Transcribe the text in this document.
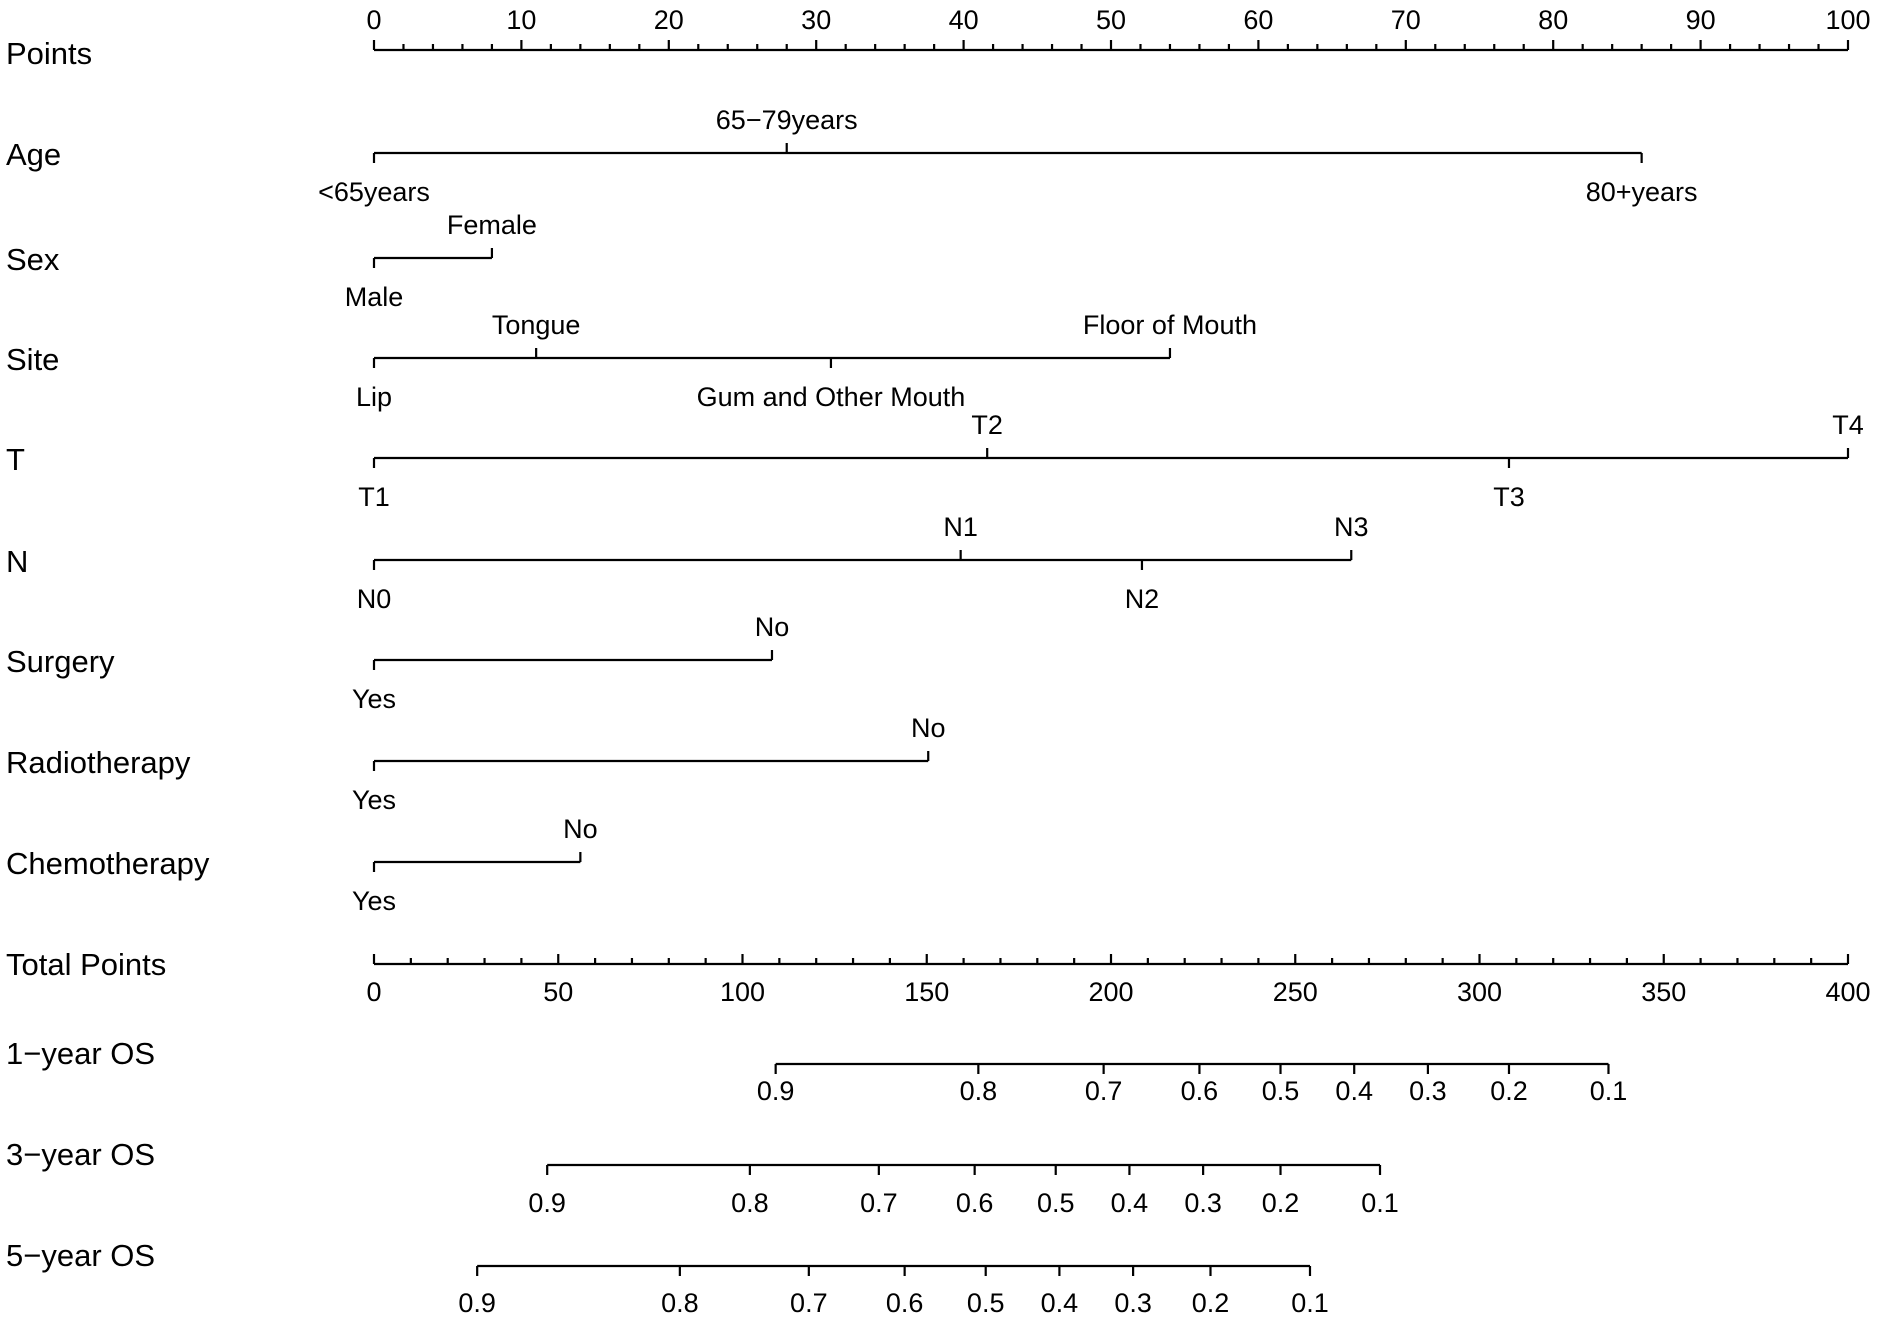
Points
0	10	20	30	40	50	60	70	80	90	100
Age
<65years
65−79years
80+years
Sex
Male
Female
Site
Lip
Tongue
Gum and Other Mouth
Floor of Mouth
T
T1
T2
T3
T4
N
N0
N1
N2
N3
Surgery
Yes
No
Radiotherapy
Yes
No
Chemotherapy
Yes
No
Total Points
0	50	100	150	200	250	300	350	400
1−year OS
0.9	0.8	0.7 0.6 0.5 0.4 0.3 0.2 0.1
3−year OS
0.9	0.8	0.7 0.6 0.5 0.4 0.3 0.2 0.1
5−year OS
0.9	0.8	0.7 0.6 0.5 0.4 0.3 0.2 0.1
